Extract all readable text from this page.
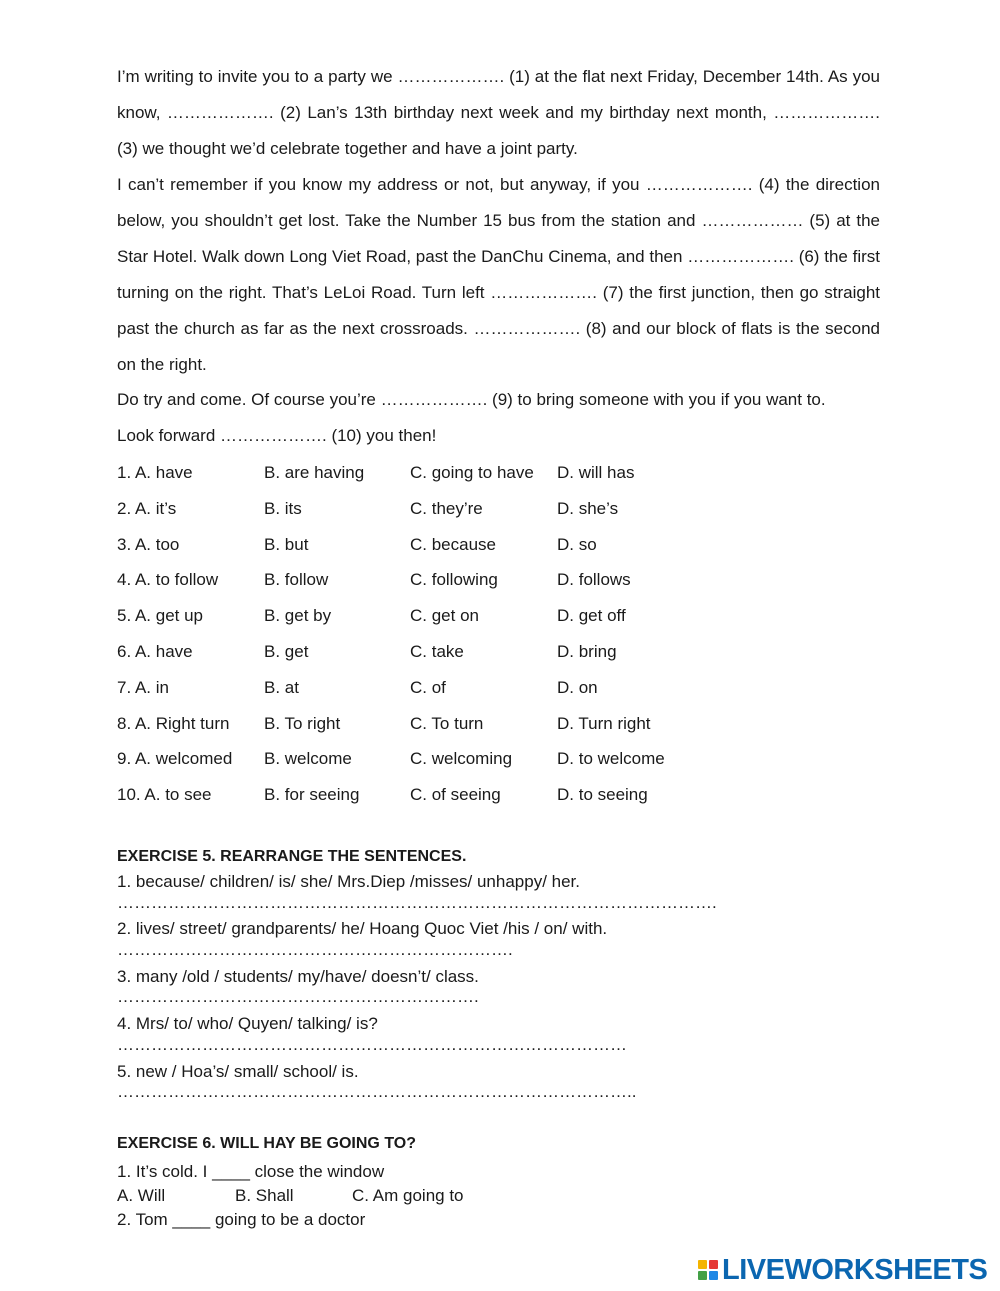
I’m writing to invite you to a party we ………………. (1) at the flat next Friday, December 14th. As you know, ………………. (2) Lan’s 13th birthday next week and my birthday next month, ………………. (3) we thought we’d celebrate together and have a joint party.

I can’t remember if you know my address or not, but anyway, if you ………………. (4) the direction below, you shouldn’t get lost. Take the Number 15 bus from the station and ……………… (5) at the Star Hotel. Walk down Long Viet Road, past the DanChu Cinema, and then ………………. (6) the first turning on the right. That’s LeLoi Road. Turn left ………………. (7) the first junction, then go straight past the church as far as the next crossroads. ………………. (8) and our block of flats is the second on the right.

Do try and come. Of course you’re ………………. (9) to bring someone with you if you want to.

Look forward ………………. (10) you then!

1. A. have	B. are having	C. going to have D. will has
2. A. it’s	B. its	C. they’re	D. she’s
3. A. too	B. but	C. because	D. so
4. A. to follow	B. follow	C. following	D. follows
5. A. get up	B. get by	C. get on	D. get off
6. A. have	B. get	C. take	D. bring
7. A. in	B. at	C. of	D. on
8. A. Right turn B. To right	C. To turn	D. Turn right
9. A. welcomed B. welcome	C. welcoming	D. to welcome
10. A. to see	B. for seeing	C. of seeing	D. to seeing

EXERCISE 5. REARRANGE THE SENTENCES.

1. because/ children/ is/ she/ Mrs.Diep /misses/ unhappy/ her.
…………………………………………………………………………………………….
2. lives/ street/ grandparents/ he/ Hoang Quoc Viet /his / on/ with.
…………………………………………………………….
3. many /old / students/ my/have/ doesn’t/ class.
……………………………………………………….
4. Mrs/ to/ who/ Quyen/ talking/ is?
………………………………………………………………………………
5. new / Hoa’s/ small/ school/ is.
………………………………………………………………………………..

EXERCISE 6. WILL HAY BE GOING TO?

1. It’s cold. I ____ close the window
A. Will	B. Shall	C. Am going to
2. Tom ____ going to be a doctor
LIVEWORKSHEETS
